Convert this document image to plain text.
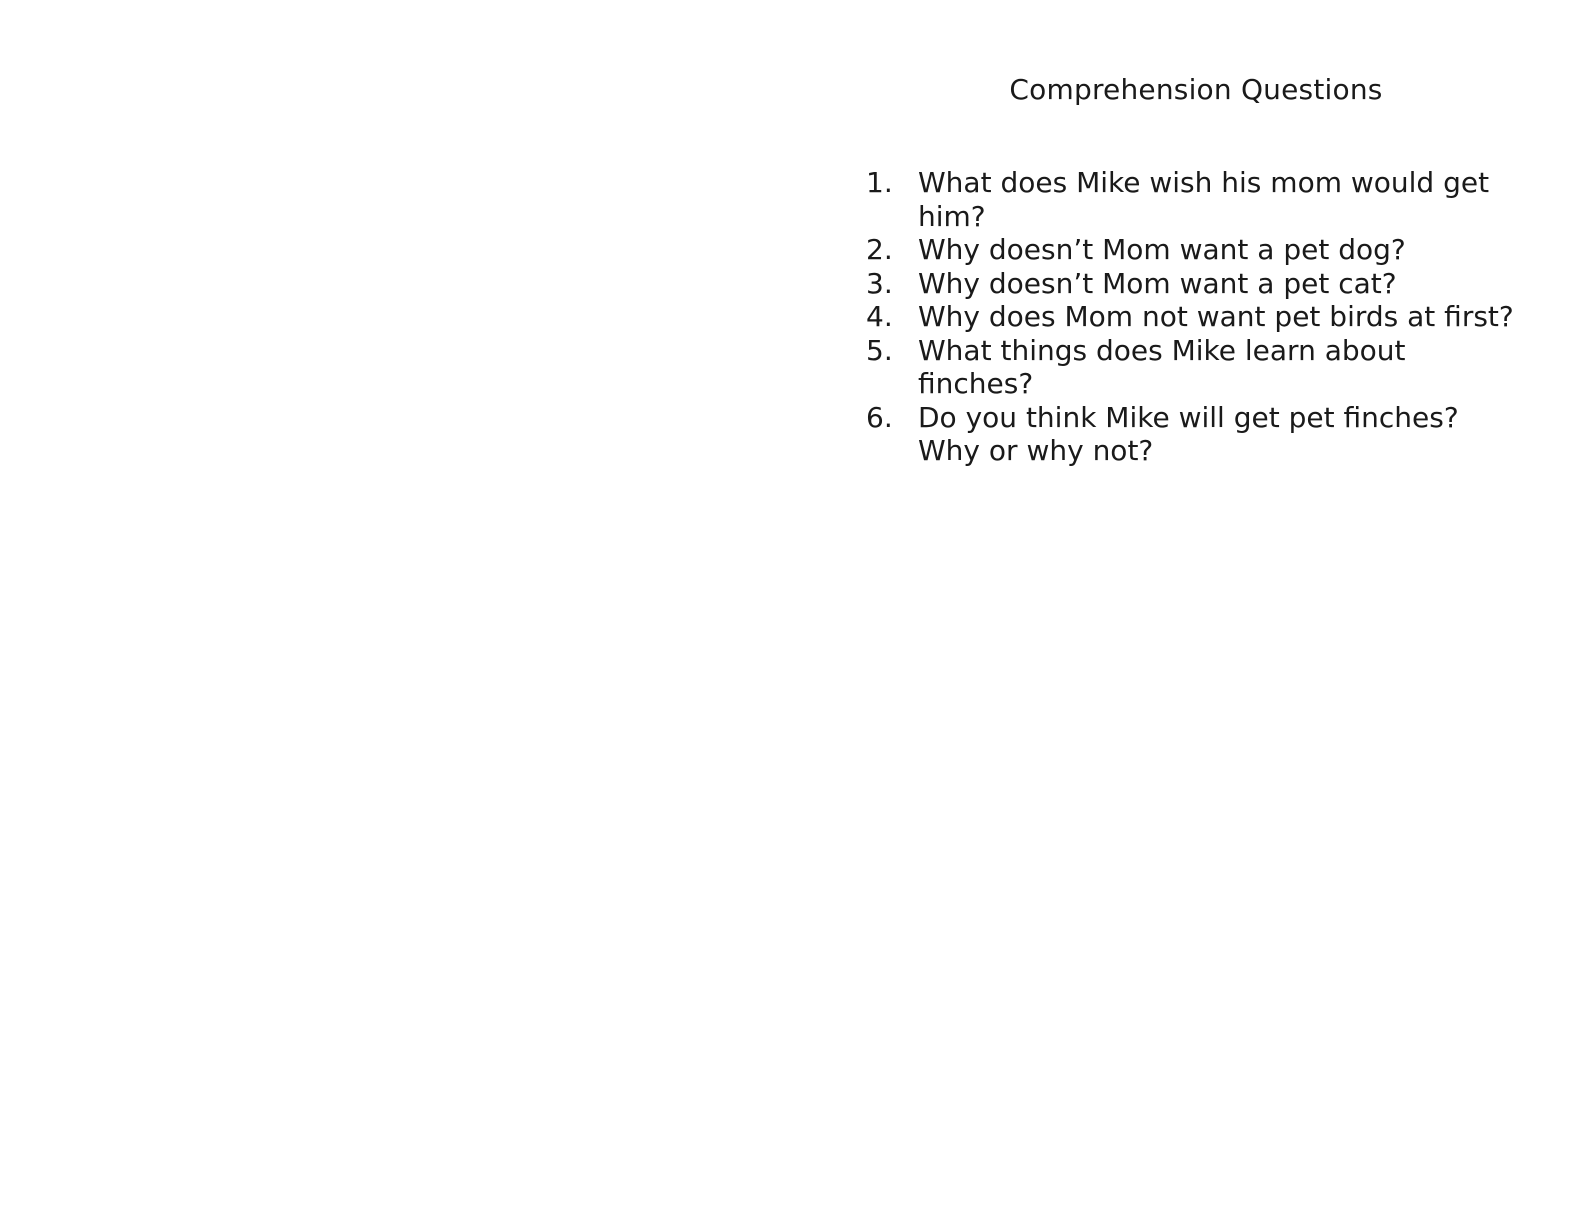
Comprehension Questions
1. What does Mike wish his mom would get him?
2. Why doesn’t Mom want a pet dog?
3. Why doesn’t Mom want a pet cat?
4. Why does Mom not want pet birds at first?
5. What things does Mike learn about finches?
6. Do you think Mike will get pet finches? Why or why not?
